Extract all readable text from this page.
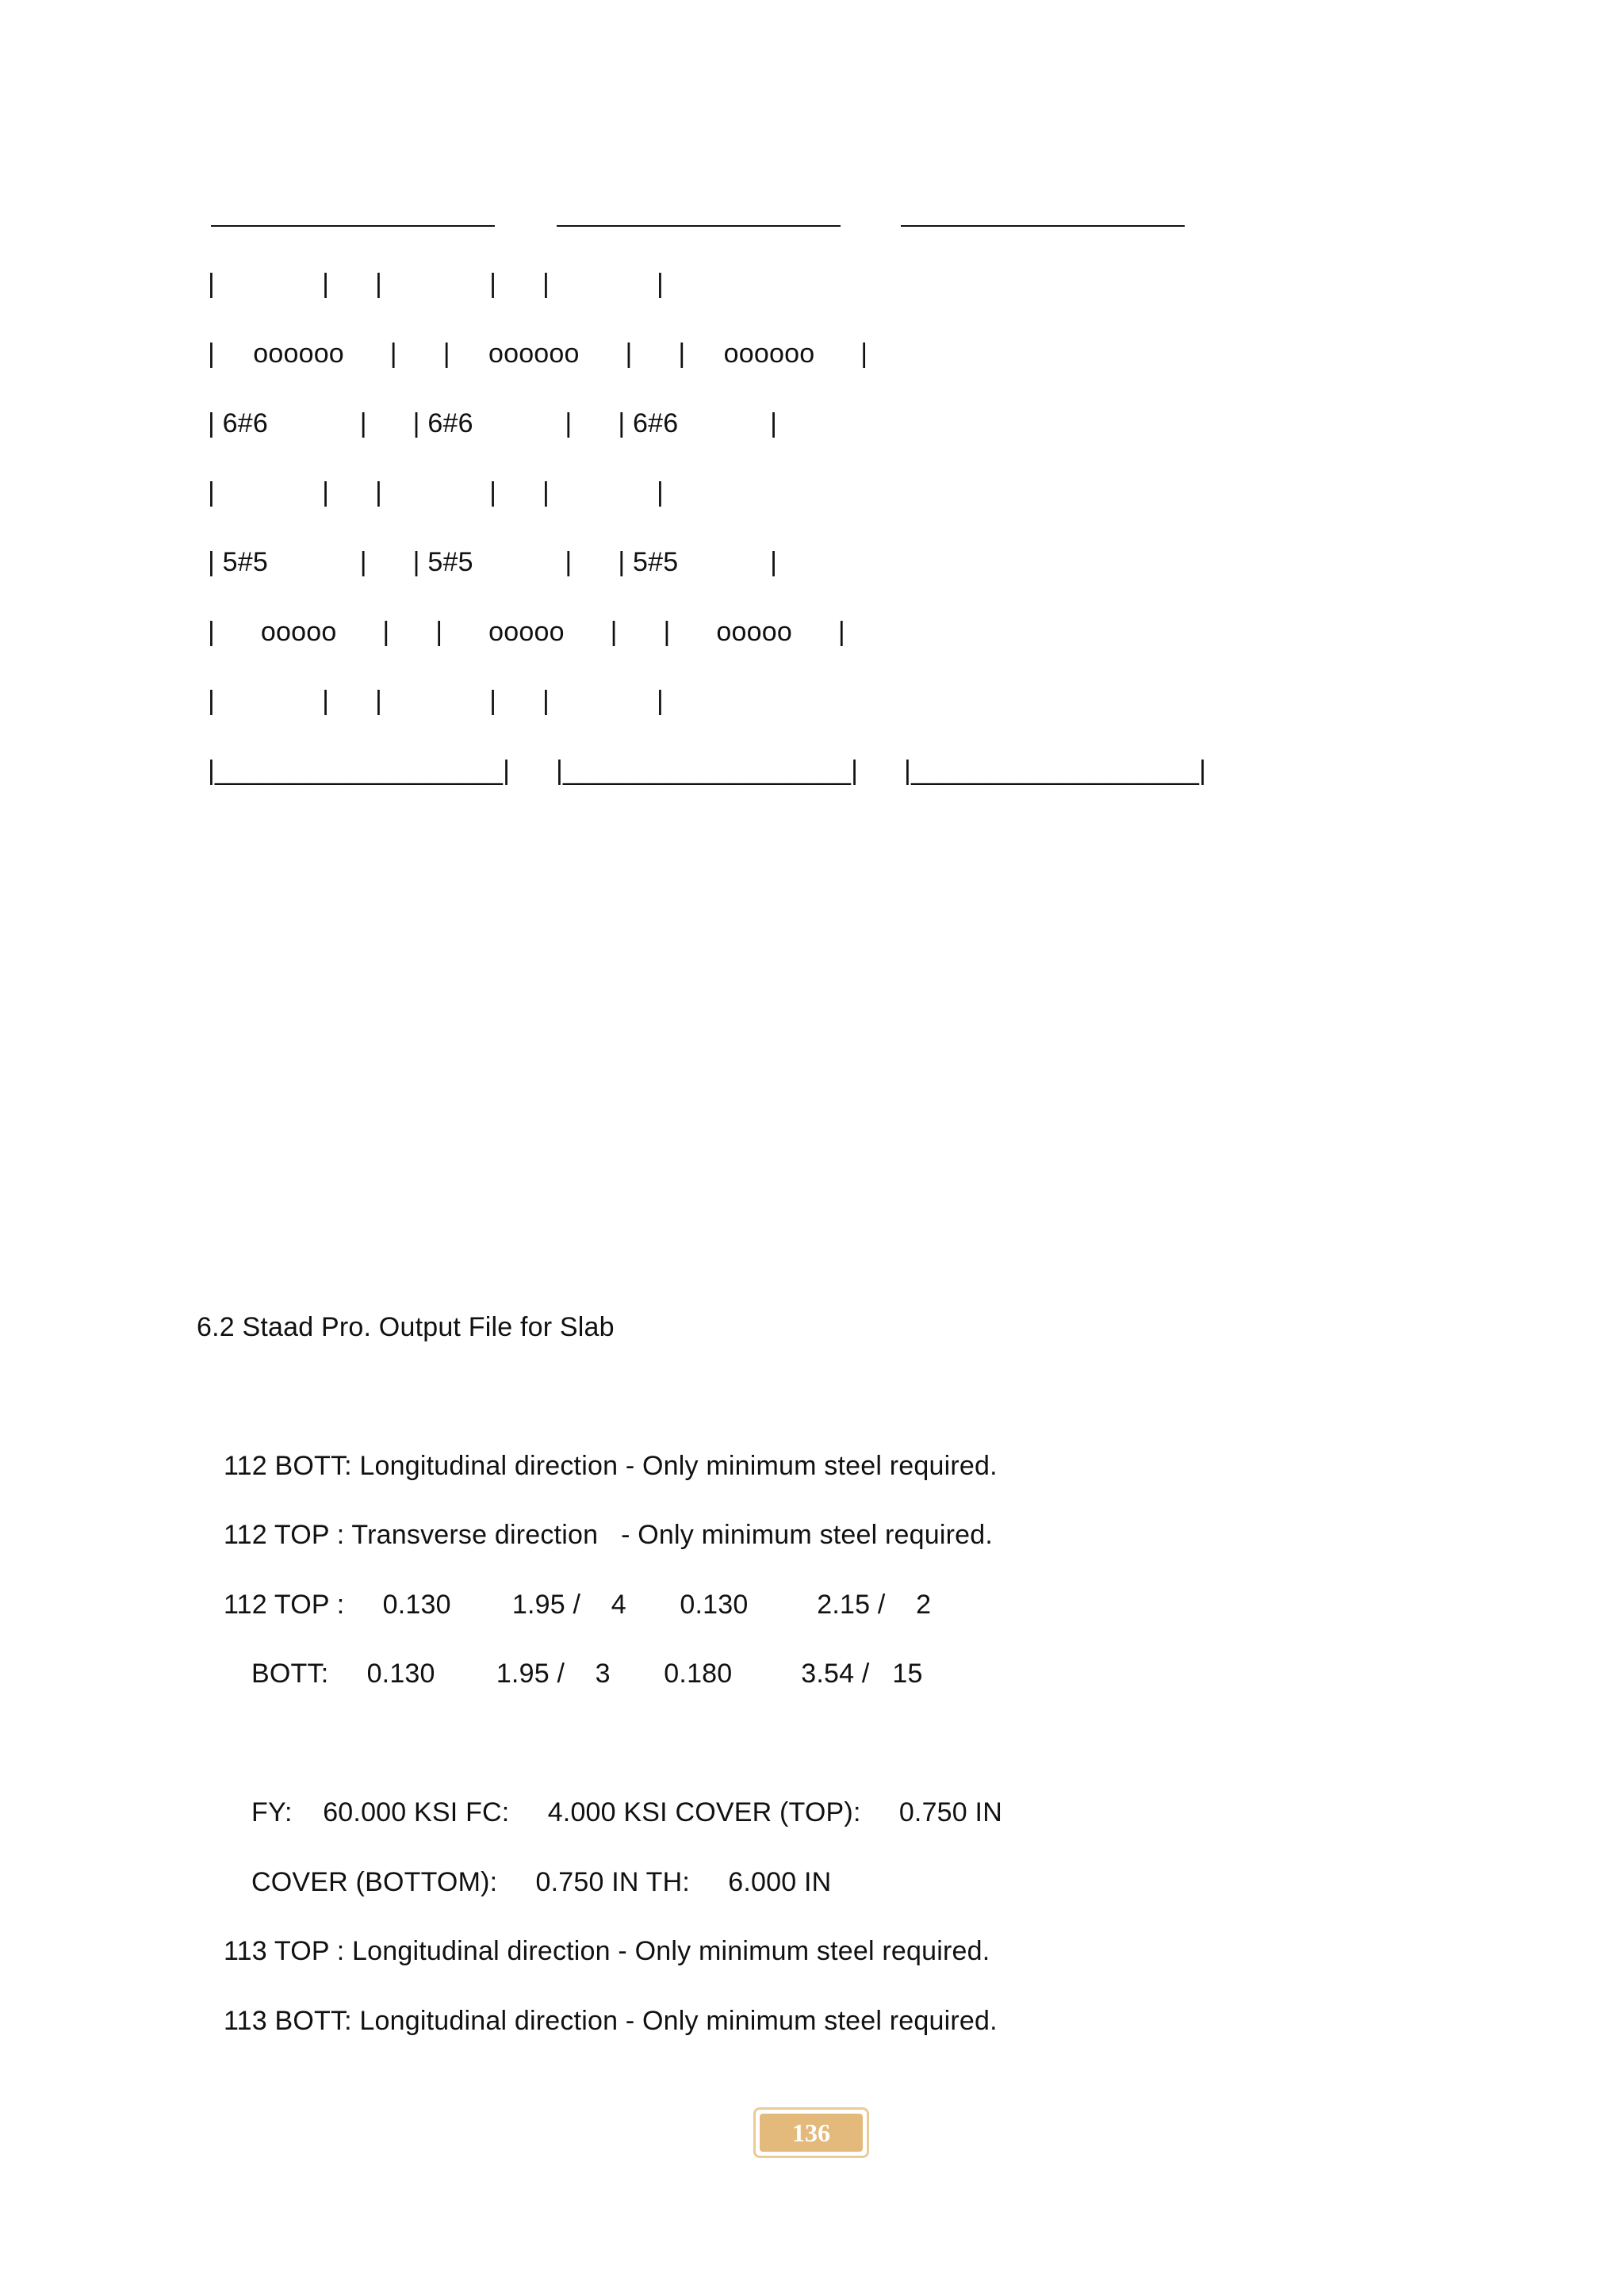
|              |      |              |      |              |
|     oooooo      |      |     oooooo      |      |     oooooo      |
| 6#6            |      | 6#6            |      | 6#6            |
|              |      |              |      |              |
| 5#5            |      | 5#5            |      | 5#5            |
|      ooooo      |      |      ooooo      |      |      ooooo      |
|              |      |              |      |              |
|___________________|      |___________________|      |___________________|
6.2 Staad Pro. Output File for Slab
112 BOTT: Longitudinal direction - Only minimum steel required.
112 TOP : Transverse direction   - Only minimum steel required.
112 TOP :     0.130        1.95 /    4       0.130         2.15 /    2
BOTT:     0.130        1.95 /    3       0.180         3.54 /   15
FY:    60.000 KSI FC:     4.000 KSI COVER (TOP):     0.750 IN
COVER (BOTTOM):     0.750 IN TH:     6.000 IN
113 TOP : Longitudinal direction - Only minimum steel required.
113 BOTT: Longitudinal direction - Only minimum steel required.
136
